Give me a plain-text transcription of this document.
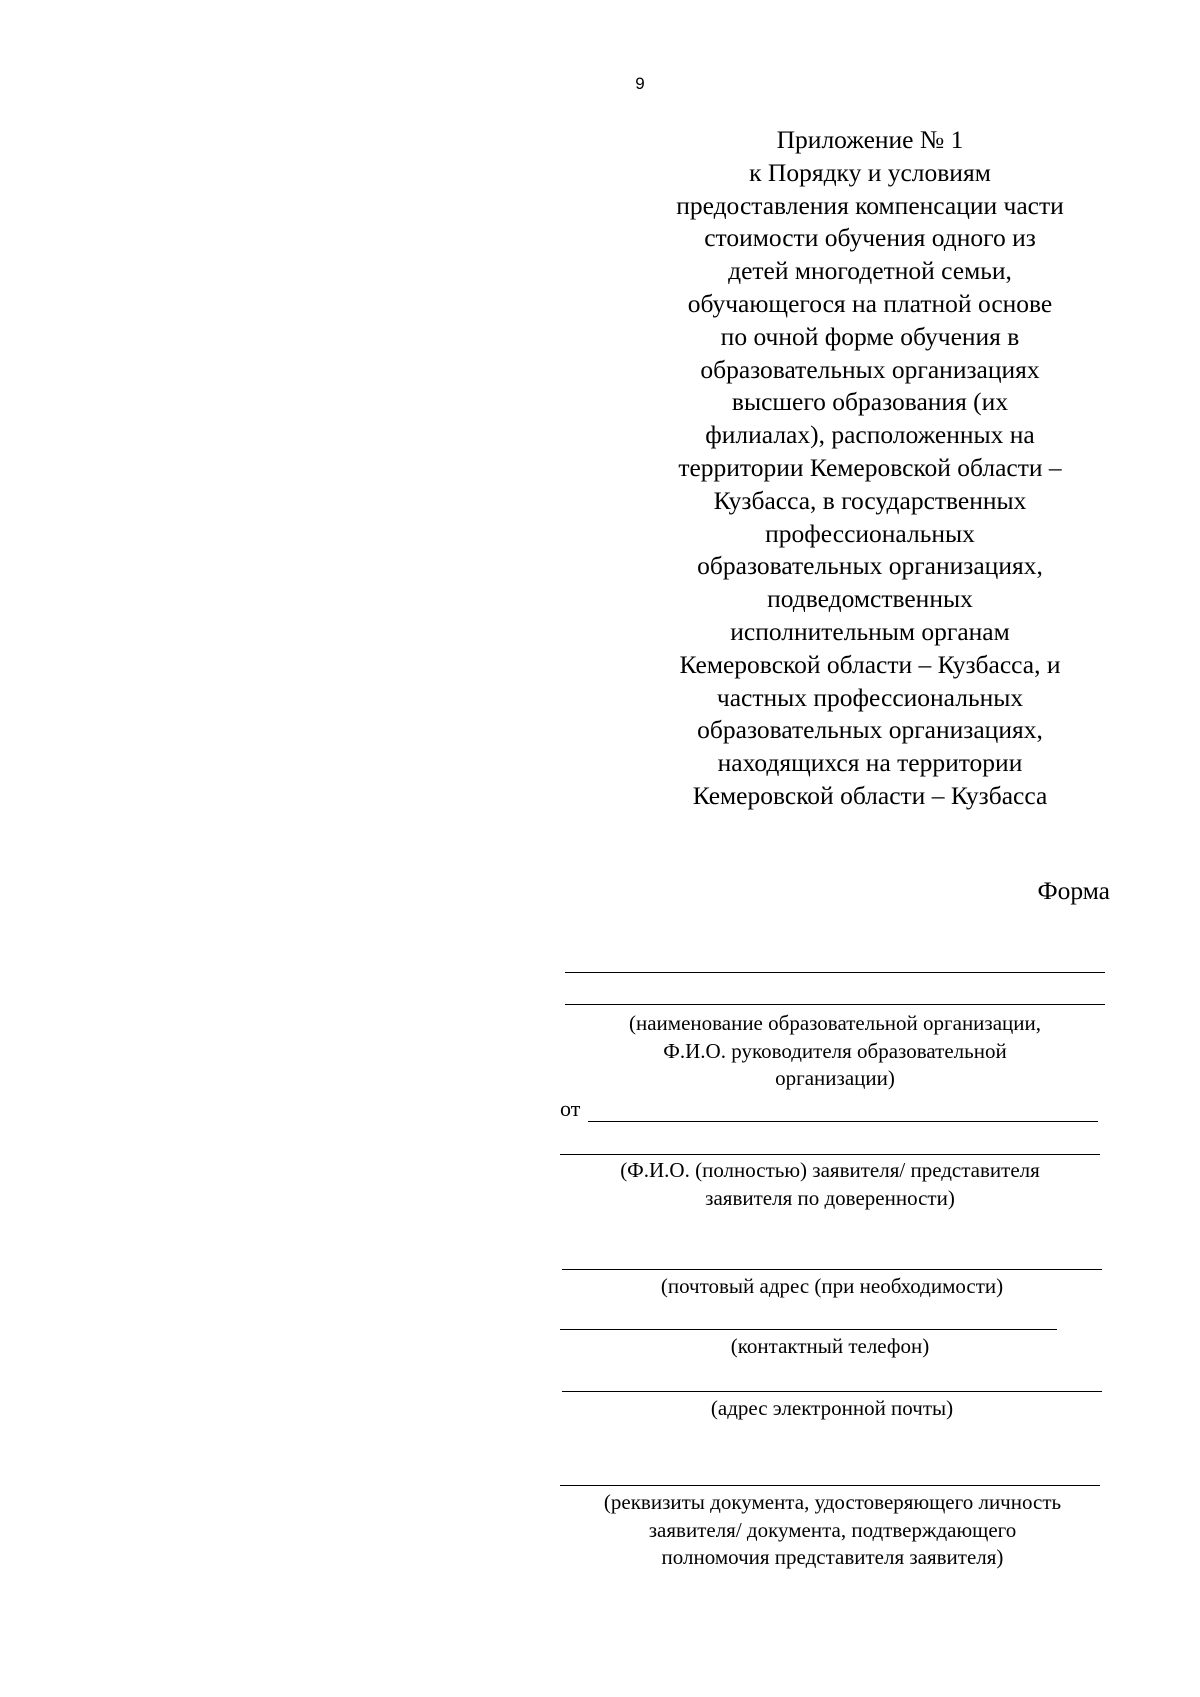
9
Приложение № 1
к Порядку и условиям
предоставления компенсации части
стоимости обучения одного из
детей многодетной семьи,
обучающегося на платной основе
по очной форме обучения в
образовательных организациях
высшего образования (их
филиалах), расположенных на
территории Кемеровской области –
Кузбасса, в государственных
профессиональных
образовательных организациях,
подведомственных
исполнительным органам
Кемеровской области – Кузбасса, и
частных профессиональных
образовательных организациях,
находящихся на территории
Кемеровской области – Кузбасса
Форма
(наименование образовательной организации,
Ф.И.О. руководителя образовательной
организации)
от
(Ф.И.О. (полностью) заявителя/ представителя
заявителя по доверенности)
(почтовый адрес (при необходимости)
(контактный телефон)
(адрес электронной почты)
(реквизиты документа, удостоверяющего личность
заявителя/ документа, подтверждающего
полномочия представителя заявителя)
